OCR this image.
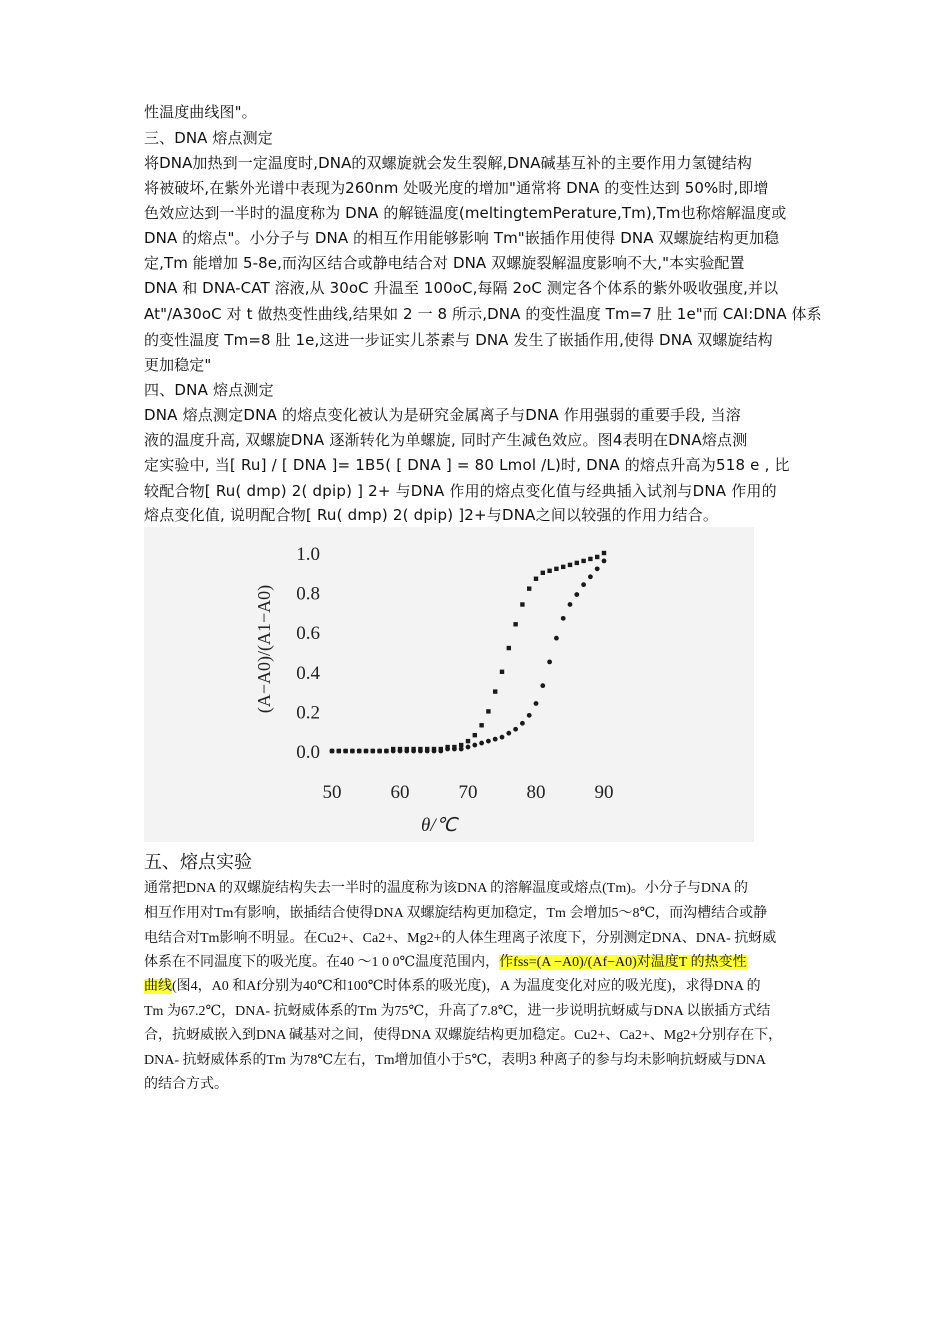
性温度曲线图"。
三、DNA 熔点测定
将DNA加热到一定温度时,DNA的双螺旋就会发生裂解,DNA碱基互补的主要作用力氢键结构
将被破坏,在紫外光谱中表现为260nm 处吸光度的增加"通常将 DNA 的变性达到 50%时,即增
色效应达到一半时的温度称为 DNA 的解链温度(meltingtemPerature,Tm),Tm也称熔解温度或
DNA 的熔点"。小分子与 DNA 的相互作用能够影响 Tm"嵌插作用使得 DNA 双螺旋结构更加稳
定,Tm 能增加 5-8e,而沟区结合或静电结合对 DNA 双螺旋裂解温度影响不大,"本实验配置
DNA 和 DNA-CAT 溶液,从 30oC 升温至 100oC,每隔 2oC 测定各个体系的紫外吸收强度,并以
At"/A30oC 对 t 做热变性曲线,结果如 2 一 8 所示,DNA 的变性温度 Tm=7 肚 1e"而 CAI:DNA 体系
的变性温度 Tm=8 肚 1e,这进一步证实儿茶素与 DNA 发生了嵌插作用,使得 DNA 双螺旋结构
更加稳定"
四、DNA 熔点测定
DNA 熔点测定DNA 的熔点变化被认为是研究金属离子与DNA 作用强弱的重要手段, 当溶
液的温度升高, 双螺旋DNA 逐渐转化为单螺旋, 同时产生减色效应。图4表明在DNA熔点测
定实验中, 当[ Ru] / [ DNA ]= 1B5( [ DNA ] = 80 Lmol /L)时, DNA 的熔点升高为518 e , 比
较配合物[ Ru( dmp) 2( dpip) ] 2+ 与DNA 作用的熔点变化值与经典插入试剂与DNA 作用的
熔点变化值, 说明配合物[ Ru( dmp) 2( dpip) ]2+与DNA之间以较强的作用力结合。
0.0
0.2
0.4
0.6
0.8
1.0
50	60	70	80	90
θ/℃
(A−A0)/(A1−A0)
五、熔点实验
通常把DNA 的双螺旋结构失去一半时的温度称为该DNA 的溶解温度或熔点(Tm)。小分子与DNA 的
相互作用对Tm有影响，嵌插结合使得DNA 双螺旋结构更加稳定，Tm 会增加5～8℃，而沟槽结合或静
电结合对Tm影响不明显。在Cu2+、Ca2+、Mg2+的人体生理离子浓度下，分别测定DNA、DNA- 抗蚜威
体系在不同温度下的吸光度。在40 ～1 0 0℃温度范围内，作fss=(A −A0)/(Af−A0)对温度T 的热变性
曲线(图4，A0 和Af分别为40℃和100℃时体系的吸光度)，A 为温度变化对应的吸光度)，求得DNA 的
Tm 为67.2℃，DNA- 抗蚜威体系的Tm 为75℃，升高了7.8℃，进一步说明抗蚜威与DNA 以嵌插方式结
合，抗蚜威嵌入到DNA 碱基对之间，使得DNA 双螺旋结构更加稳定。Cu2+、Ca2+、Mg2+分别存在下，
DNA- 抗蚜威体系的Tm 为78℃左右，Tm增加值小于5℃，表明3 种离子的参与均未影响抗蚜威与DNA
的结合方式。
